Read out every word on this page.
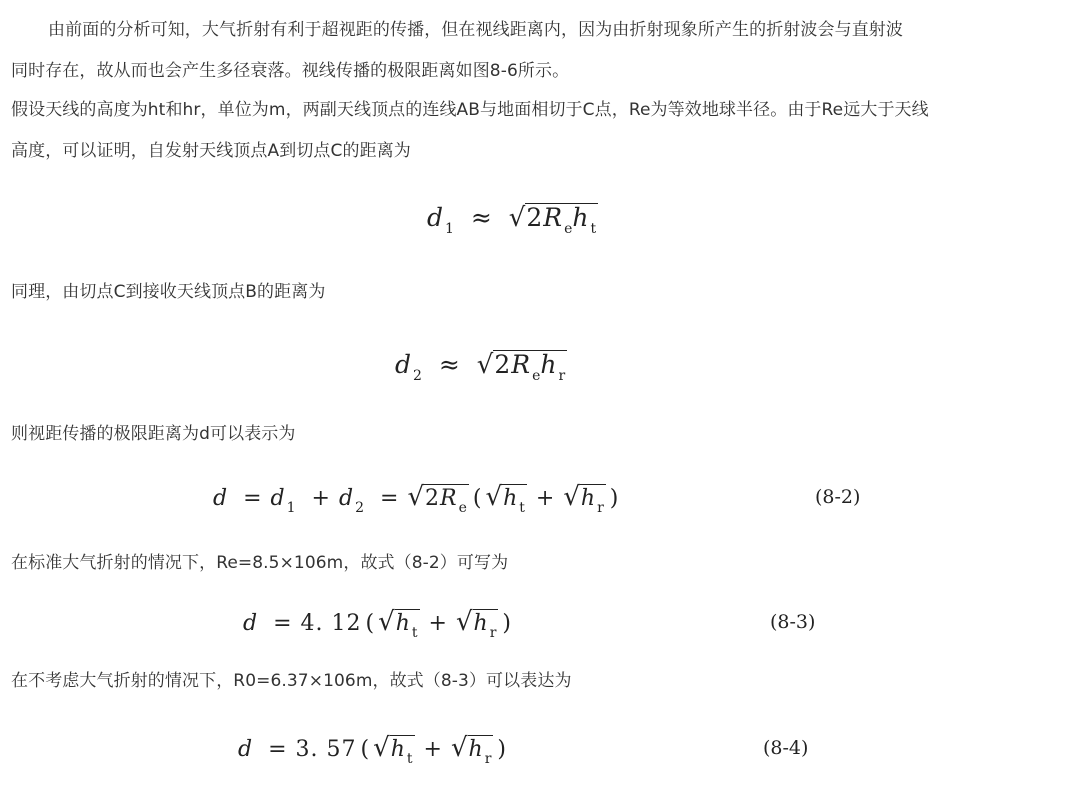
由前面的分析可知，大气折射有利于超视距的传播，但在视线距离内，因为由折射现象所产生的折射波会与直射波
同时存在，故从而也会产生多径衰落。视线传播的极限距离如图8-6所示。
假设天线的高度为ht和hr，单位为m，两副天线顶点的连线AB与地面相切于C点，Re为等效地球半径。由于Re远大于天线
高度，可以证明，自发射天线顶点A到切点C的距离为
d $_1$ ≈ √2R $_e$h $_t$
同理，由切点C到接收天线顶点B的距离为
d $_2$ ≈ √2R $_e$h $_r$
则视距传播的极限距离为d可以表示为
d = d $_1$ + d $_2$ = √2R $_e$ ( √h $_t$ + √h $_r$ )	(8-2)
在标准大气折射的情况下，Re=8.5×106m，故式（8-2）可写为
d = 4. 12 ( √h $_t$ + √h $_r$ )	(8-3)
在不考虑大气折射的情况下，R0=6.37×106m，故式（8-3）可以表达为
d = 3. 57 ( √h $_t$ + √h $_r$ )	(8-4)
